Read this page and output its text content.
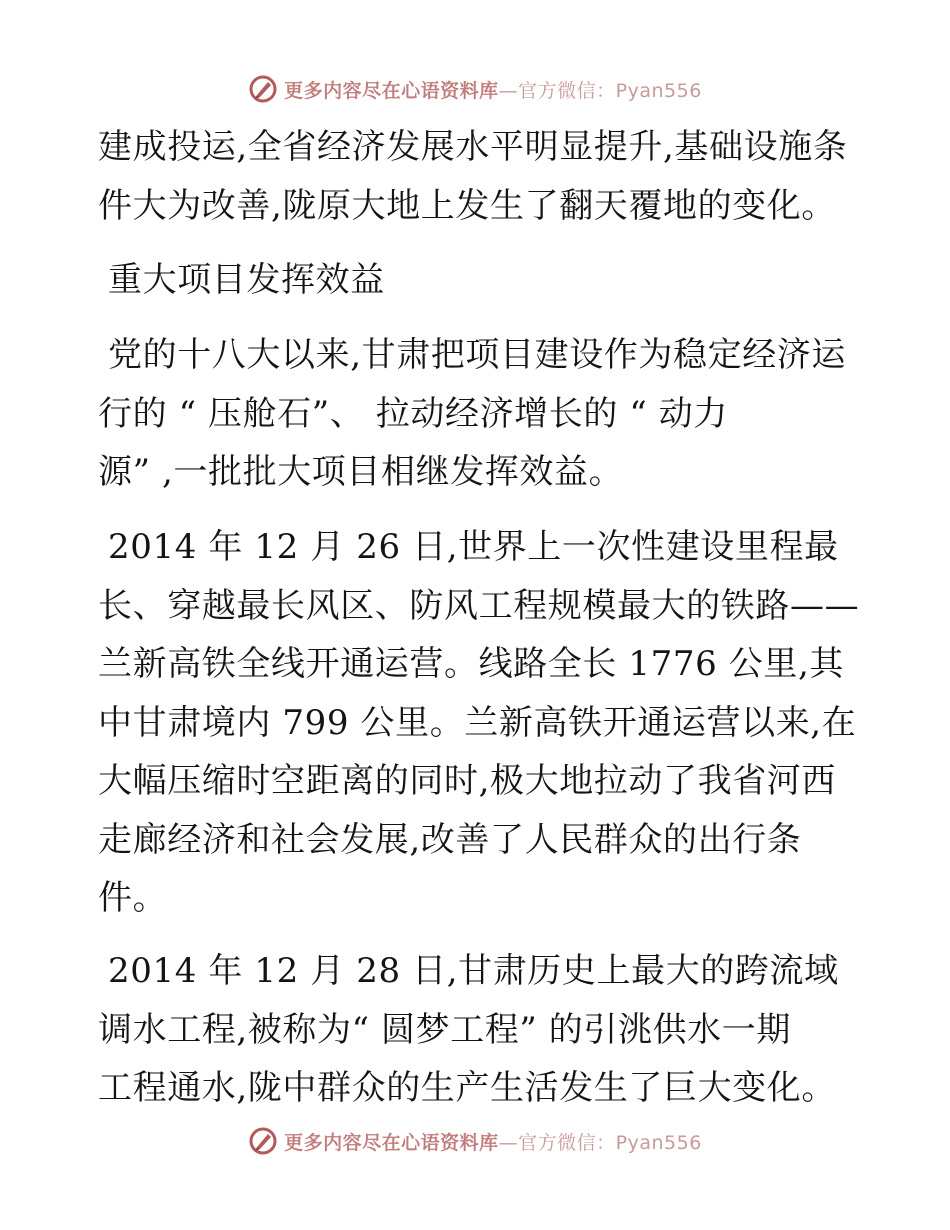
更多内容尽在心语资料库—官方微信：Pyan556
建成投运,全省经济发展水平明显提升,基础设施条
件大为改善,陇原大地上发生了翻天覆地的变化。
重大项目发挥效益
党的十八大以来,甘肃把项目建设作为稳定经济运
行的 “ 压舱石”、 拉动经济增长的 “ 动力
源” ,一批批大项目相继发挥效益。
2014 年 12 月 26 日,世界上一次性建设里程最
长、穿越最长风区、防风工程规模最大的铁路——
兰新高铁全线开通运营。线路全长 1776 公里,其
中甘肃境内 799 公里。兰新高铁开通运营以来,在
大幅压缩时空距离的同时,极大地拉动了我省河西
走廊经济和社会发展,改善了人民群众的出行条
件。
2014 年 12 月 28 日,甘肃历史上最大的跨流域
调水工程,被称为“ 圆梦工程” 的引洮供水一期
工程通水,陇中群众的生产生活发生了巨大变化。
更多内容尽在心语资料库—官方微信：Pyan556
